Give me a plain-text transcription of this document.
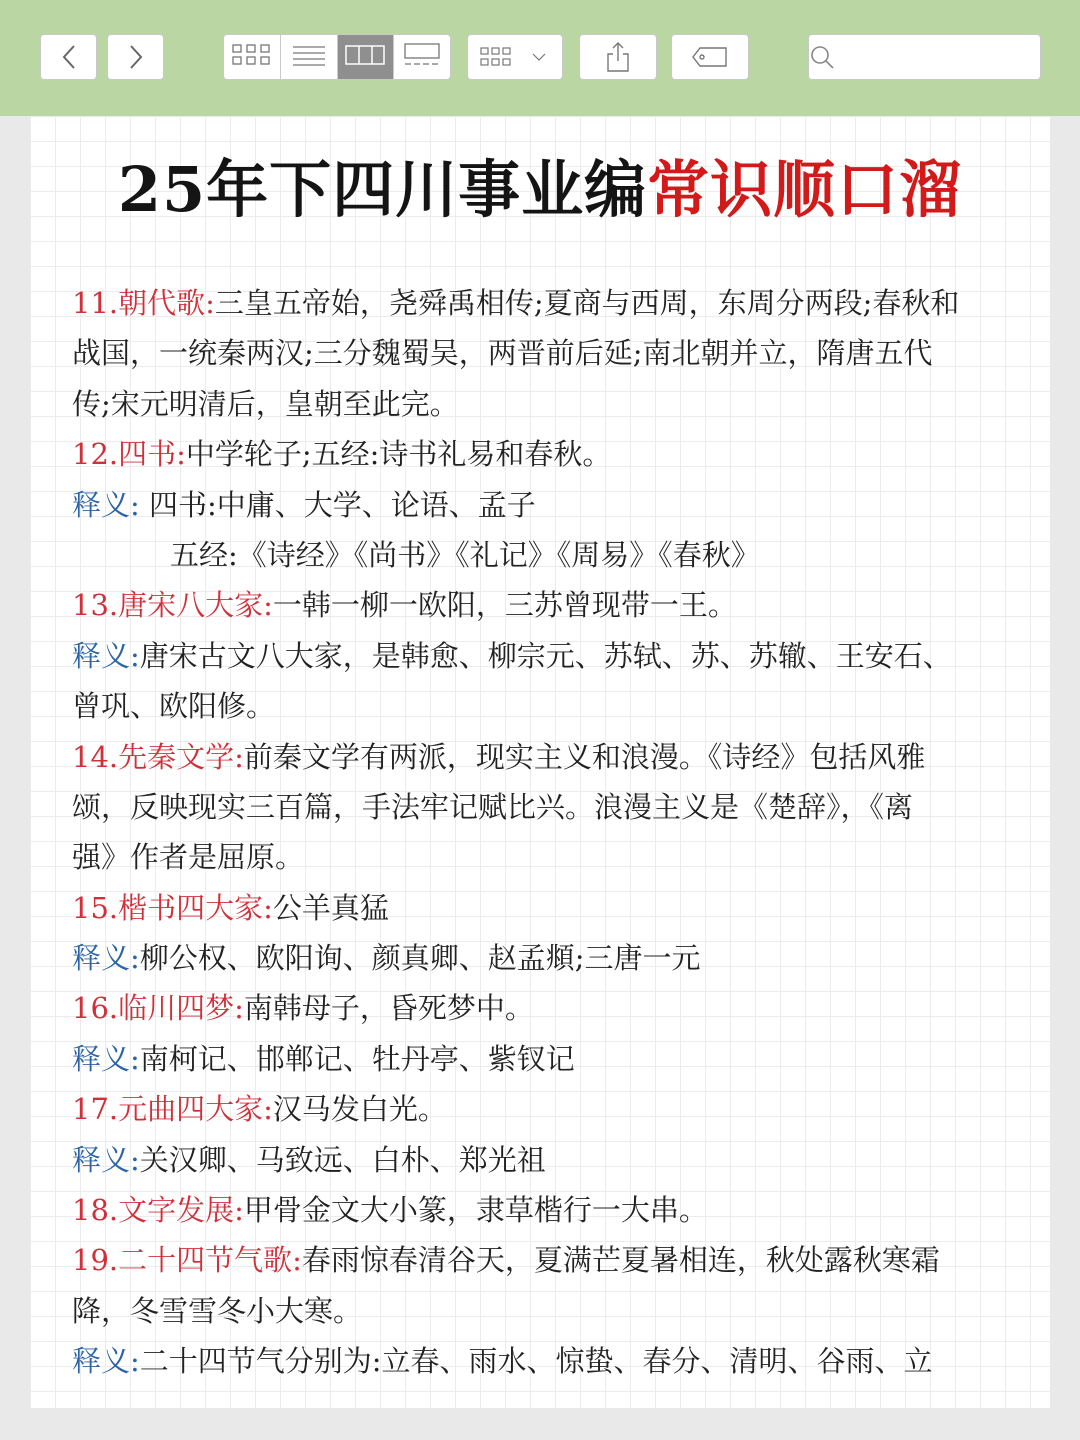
25年下四川事业编常识顺口溜
11.朝代歌:三皇五帝始，尧舜禹相传;夏商与西周，东周分两段;春秋和
战国，一统秦两汉;三分魏蜀吴，两晋前后延;南北朝并立，隋唐五代
传;宋元明清后，皇朝至此完。
12.四书:中学轮子;五经:诗书礼易和春秋。
释义: 四书:中庸、大学、论语、孟子
五经:《诗经》《尚书》《礼记》《周易》《春秋》
13.唐宋八大家:一韩一柳一欧阳，三苏曾现带一王。
释义:唐宋古文八大家，是韩愈、柳宗元、苏轼、苏、苏辙、王安石、
曾巩、欧阳修。
14.先秦文学:前秦文学有两派，现实主义和浪漫。《诗经》包括风雅
颂，反映现实三百篇，手法牢记赋比兴。浪漫主义是《楚辞》，《离
强》作者是屈原。
15.楷书四大家:公羊真猛
释义:柳公权、欧阳询、颜真卿、赵孟頫;三唐一元
16.临川四梦:南韩母子，昏死梦中。
释义:南柯记、邯郸记、牡丹亭、紫钗记
17.元曲四大家:汉马发白光。
释义:关汉卿、马致远、白朴、郑光祖
18.文字发展:甲骨金文大小篆，隶草楷行一大串。
19.二十四节气歌:春雨惊春清谷天，夏满芒夏暑相连，秋处露秋寒霜
降，冬雪雪冬小大寒。
释义:二十四节气分别为:立春、雨水、惊蛰、春分、清明、谷雨、立
